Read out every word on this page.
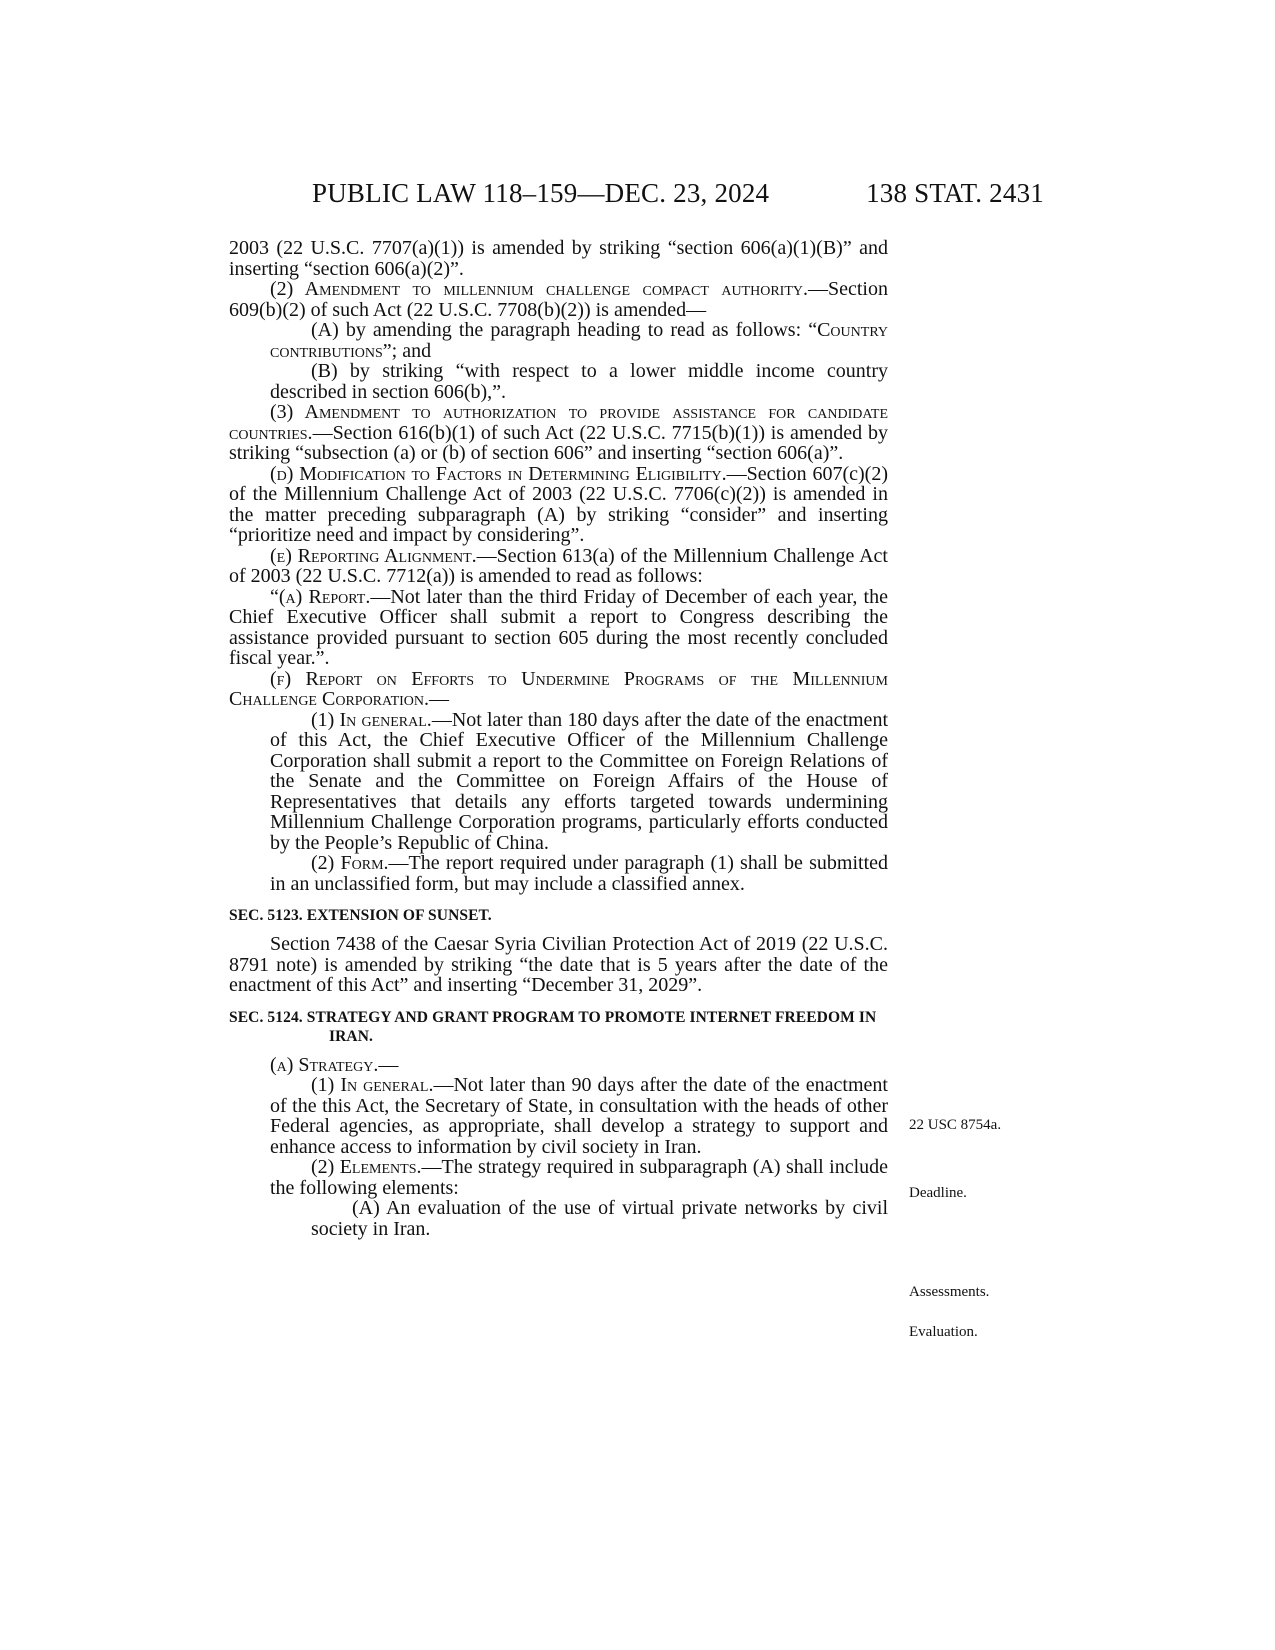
PUBLIC LAW 118–159—DEC. 23, 2024	138 STAT. 2431

2003 (22 U.S.C. 7707(a)(1)) is amended by striking “section 606(a)(1)(B)” and inserting “section 606(a)(2)”.

(2) Amendment to millennium challenge compact authority.—Section 609(b)(2) of such Act (22 U.S.C. 7708(b)(2)) is amended—

(A) by amending the paragraph heading to read as follows: “Country contributions”; and

(B) by striking “with respect to a lower middle income country described in section 606(b),”.

(3) Amendment to authorization to provide assistance for candidate countries.—Section 616(b)(1) of such Act (22 U.S.C. 7715(b)(1)) is amended by striking “subsection (a) or (b) of section 606” and inserting “section 606(a)”.

(d) Modification to Factors in Determining Eligibility.—Section 607(c)(2) of the Millennium Challenge Act of 2003 (22 U.S.C. 7706(c)(2)) is amended in the matter preceding subparagraph (A) by striking “consider” and inserting “prioritize need and impact by considering”.

(e) Reporting Alignment.—Section 613(a) of the Millennium Challenge Act of 2003 (22 U.S.C. 7712(a)) is amended to read as follows:

“(a) Report.—Not later than the third Friday of December of each year, the Chief Executive Officer shall submit a report to Congress describing the assistance provided pursuant to section 605 during the most recently concluded fiscal year.”.

(f) Report on Efforts to Undermine Programs of the Millennium Challenge Corporation.—

(1) In general.—Not later than 180 days after the date of the enactment of this Act, the Chief Executive Officer of the Millennium Challenge Corporation shall submit a report to the Committee on Foreign Relations of the Senate and the Committee on Foreign Affairs of the House of Representatives that details any efforts targeted towards undermining Millennium Challenge Corporation programs, particularly efforts conducted by the People’s Republic of China.

(2) Form.—The report required under paragraph (1) shall be submitted in an unclassified form, but may include a classified annex.

SEC. 5123. EXTENSION OF SUNSET.

Section 7438 of the Caesar Syria Civilian Protection Act of 2019 (22 U.S.C. 8791 note) is amended by striking “the date that is 5 years after the date of the enactment of this Act” and inserting “December 31, 2029”.

SEC. 5124. STRATEGY AND GRANT PROGRAM TO PROMOTE INTERNET FREEDOM IN IRAN.

(a) Strategy.—

(1) In general.—Not later than 90 days after the date of the enactment of the this Act, the Secretary of State, in consultation with the heads of other Federal agencies, as appropriate, shall develop a strategy to support and enhance access to information by civil society in Iran.

(2) Elements.—The strategy required in subparagraph (A) shall include the following elements:

(A) An evaluation of the use of virtual private networks by civil society in Iran.

22 USC 8754a.
Deadline.
Assessments.
Evaluation.
